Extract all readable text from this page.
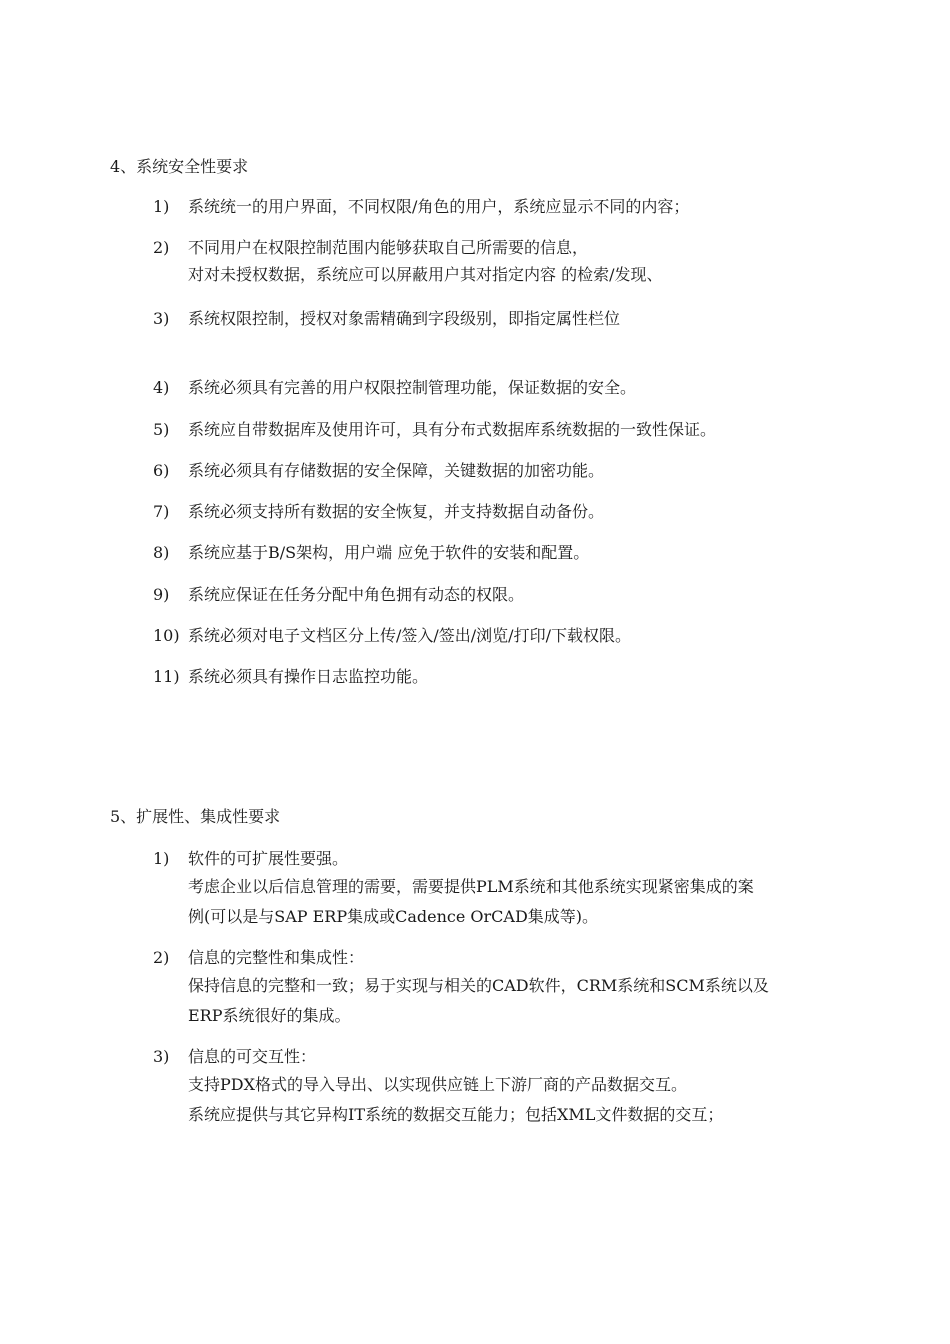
4、系统安全性要求
1) 系统统一的用户界面，不同权限/角色的用户，系统应显示不同的内容；
2) 不同用户在权限控制范围内能够获取自己所需要的信息，
对对未授权数据，系统应可以屏蔽用户其对指定内容 的检索/发现、
3) 系统权限控制，授权对象需精确到字段级别，即指定属性栏位
4) 系统必须具有完善的用户权限控制管理功能，保证数据的安全。
5) 系统应自带数据库及使用许可，具有分布式数据库系统数据的一致性保证。
6) 系统必须具有存储数据的安全保障，关键数据的加密功能。
7) 系统必须支持所有数据的安全恢复，并支持数据自动备份。
8) 系统应基于B/S架构，用户端 应免于软件的安装和配置。
9) 系统应保证在任务分配中角色拥有动态的权限。
10) 系统必须对电子文档区分上传/签入/签出/浏览/打印/下载权限。
11) 系统必须具有操作日志监控功能。
5、扩展性、集成性要求
1) 软件的可扩展性要强。
考虑企业以后信息管理的需要，需要提供PLM系统和其他系统实现紧密集成的案
例(可以是与SAP ERP集成或Cadence OrCAD集成等)。
2) 信息的完整性和集成性：
保持信息的完整和一致；易于实现与相关的CAD软件，CRM系统和SCM系统以及
ERP系统很好的集成。
3) 信息的可交互性：
支持PDX格式的导入导出、以实现供应链上下游厂商的产品数据交互。
系统应提供与其它异构IT系统的数据交互能力；包括XML文件数据的交互；
